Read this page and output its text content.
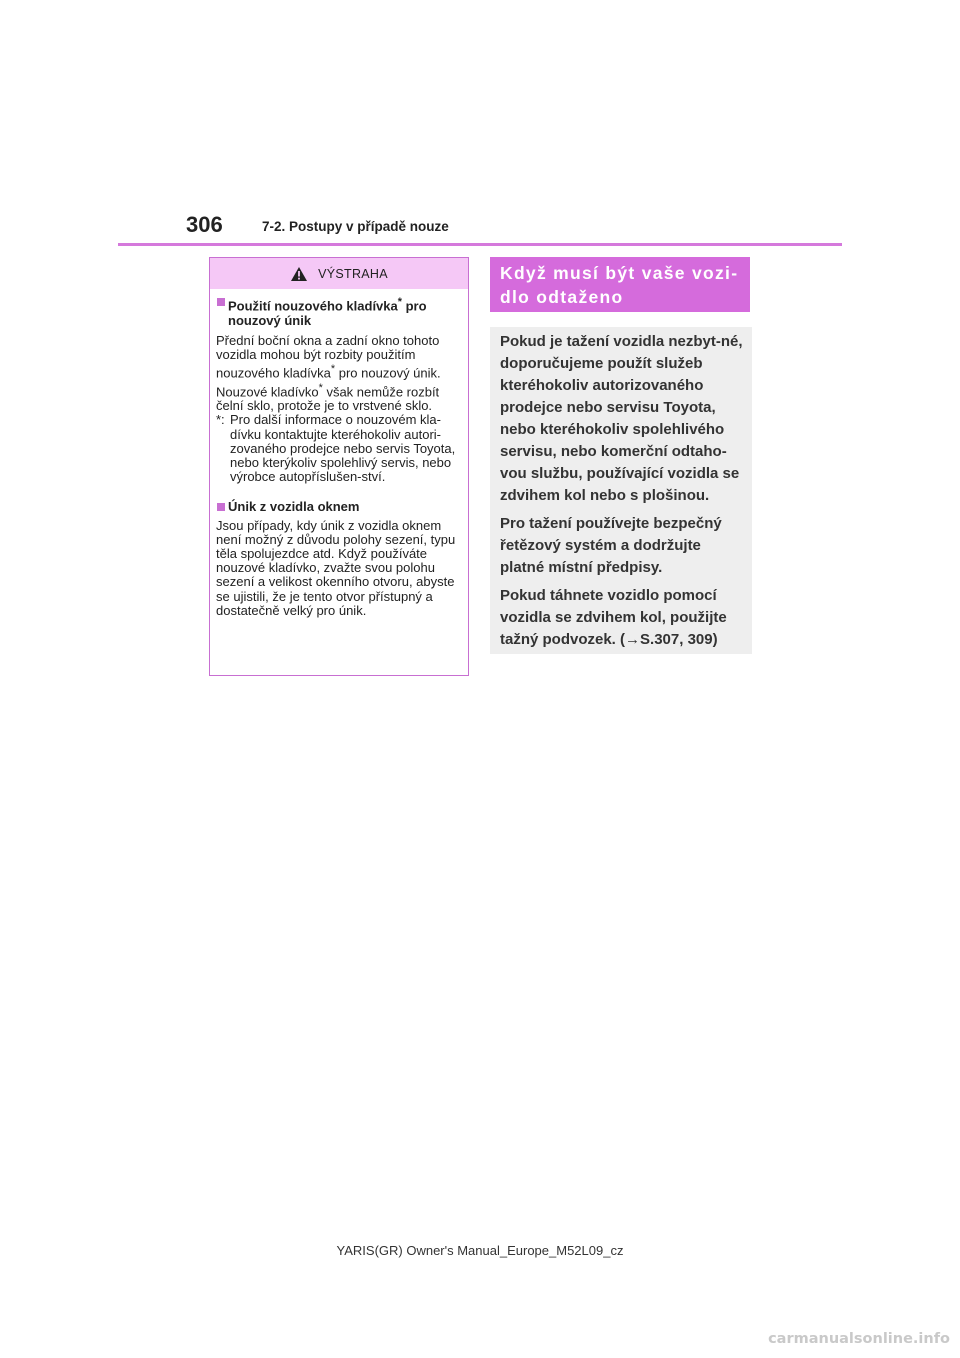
306	7-2. Postupy v případě nouze
VÝSTRAHA
Použití nouzového kladívka* pro
nouzový únik
Přední boční okna a zadní okno tohoto vozidla mohou být rozbity použitím nouzového kladívka* pro nouzový únik. Nouzové kladívko* však nemůže rozbít čelní sklo, protože je to vrstvené sklo.
*: Pro další informace o nouzovém kla-dívku kontaktujte kteréhokoliv autori-zovaného prodejce nebo servis Toyota, nebo kterýkoliv spolehlivý servis, nebo výrobce autopříslušen-ství.
Únik z vozidla oknem
Jsou případy, kdy únik z vozidla oknem není možný z důvodu polohy sezení, typu těla spolujezdce atd. Když používáte nouzové kladívko, zvažte svou polohu sezení a velikost okenního otvoru, abyste se ujistili, že je tento otvor přístupný a dostatečně velký pro únik.
Když musí být vaše vozi-
dlo odtaženo

Pokud je tažení vozidla nezbyt-né, doporučujeme použít služeb kteréhokoliv autorizovaného prodejce nebo servisu Toyota, nebo kteréhokoliv spolehlivého servisu, nebo komerční odtaho-vou službu, používající vozidla se zdvihem kol nebo s plošinou.

Pro tažení používejte bezpečný řetězový systém a dodržujte platné místní předpisy.

Pokud táhnete vozidlo pomocí vozidla se zdvihem kol, použijte tažný podvozek. (→S.307, 309)

YARIS(GR) Owner's Manual_Europe_M52L09_cz
carmanualsonline.info
